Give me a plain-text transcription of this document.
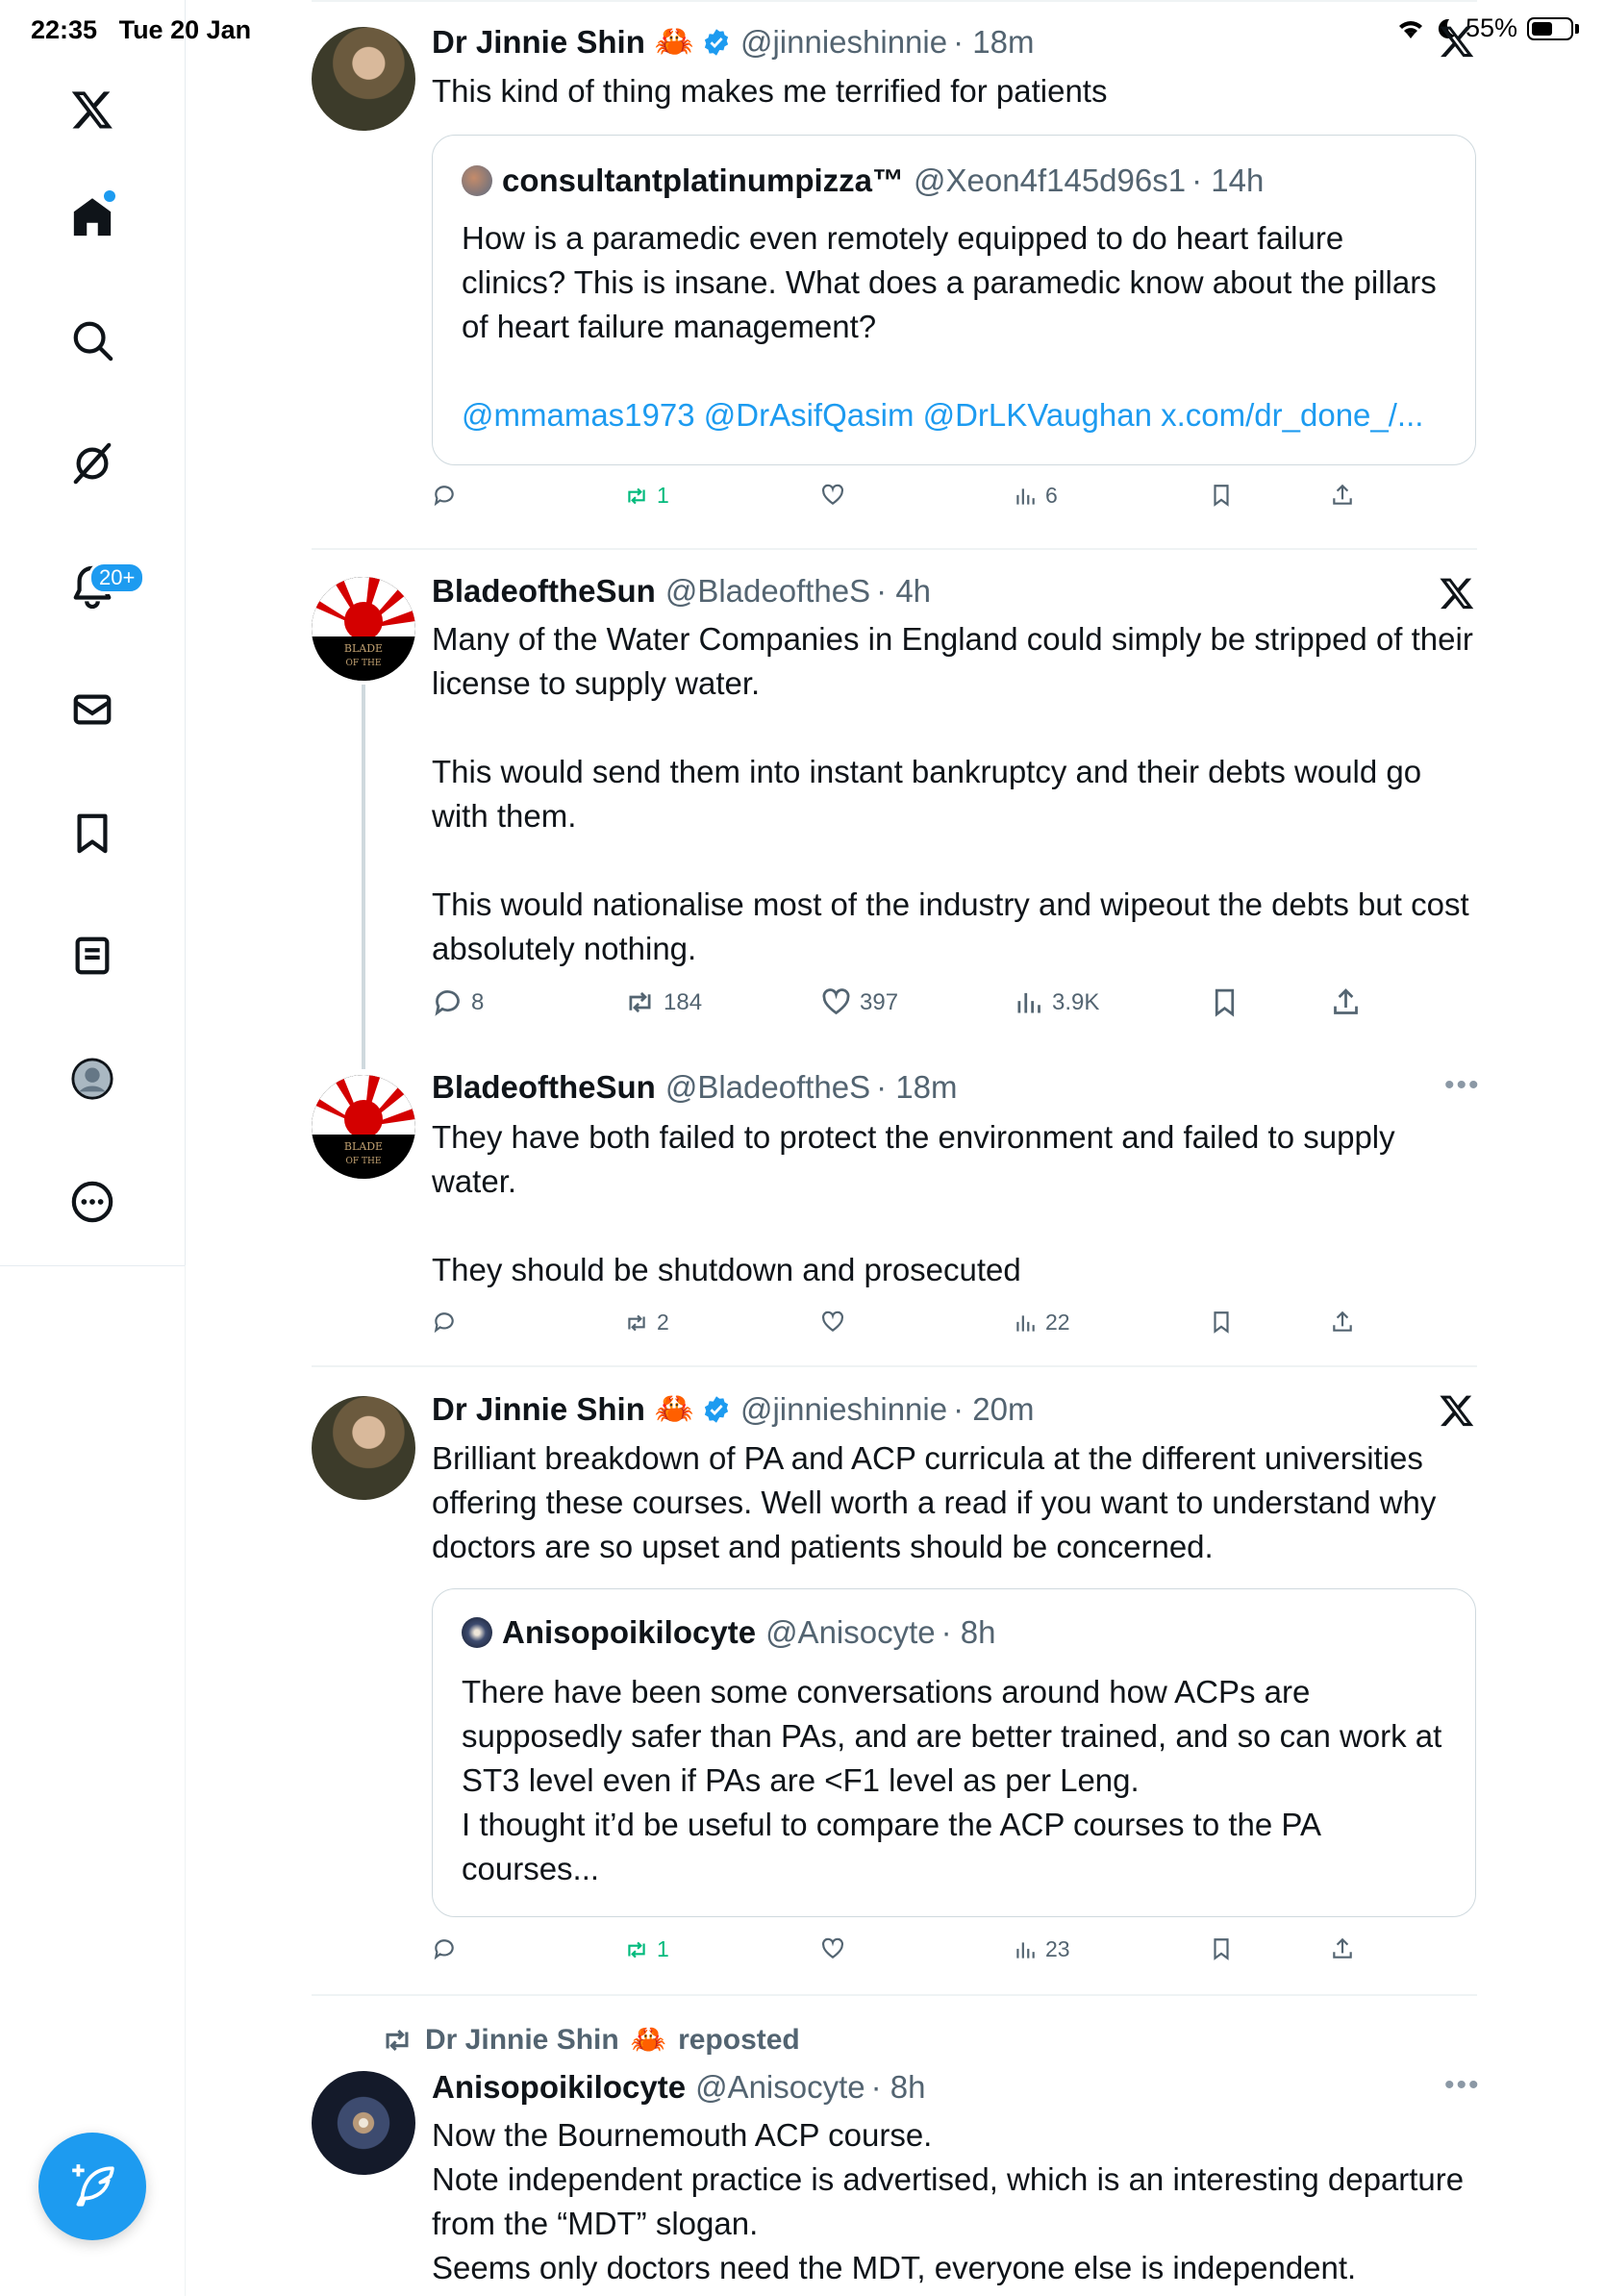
22:35 Tue 20 Jan	55%
20+
Dr Jinnie Shin 🦀 @jinnieshinnie · 18m
This kind of thing makes me terrified for patients
consultantplatinumpizza™ @Xeon4f145d96s1 · 14h
How is a paramedic even remotely equipped to do heart failure clinics? This is insane. What does a paramedic know about the pillars of heart failure management?
@mmamas1973 @DrAsifQasim @DrLKVaughan x.com/dr_done_/...
1	6
BLADE
OF THE
BladeoftheSun @BladeoftheS · 4h
Many of the Water Companies in England could simply be stripped of their license to supply water.

This would send them into instant bankruptcy and their debts would go with them.

This would nationalise most of the industry and wipeout the debts but cost absolutely nothing.
8	184	397	3.9K
BLADE
OF THE
BladeoftheSun @BladeoftheS · 18m	•••
They have both failed to protect the environment and failed to supply water.

They should be shutdown and prosecuted
2	22
Dr Jinnie Shin 🦀 @jinnieshinnie · 20m
Brilliant breakdown of PA and ACP curricula at the different universities offering these courses. Well worth a read if you want to understand why doctors are so upset and patients should be concerned.
Anisopoikilocyte @Anisocyte · 8h
There have been some conversations around how ACPs are supposedly safer than PAs, and are better trained, and so can work at ST3 level even if PAs are <F1 level as per Leng.
I thought it’d be useful to compare the ACP courses to the PA courses...
1	23
Dr Jinnie Shin 🦀 reposted
Anisopoikilocyte @Anisocyte · 8h	•••
Now the Bournemouth ACP course.
Note independent practice is advertised, which is an interesting departure from the “MDT” slogan.
Seems only doctors need the MDT, everyone else is independent.
